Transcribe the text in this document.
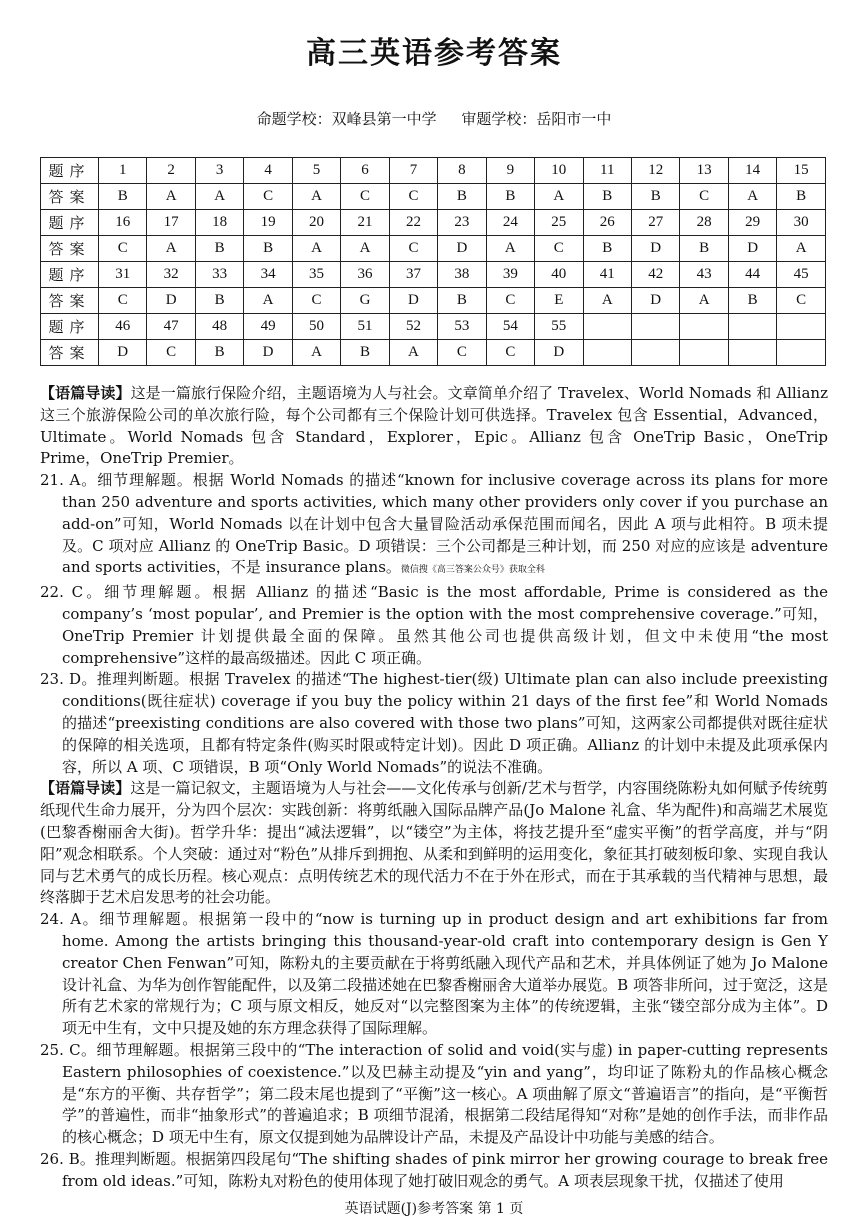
高三英语参考答案
命题学校：双峰县第一中学 审题学校：岳阳市一中
题序	1	2	3	4	5	6	7	8	9	10	11	12	13	14	15
答案	B	A	A	C	A	C	C	B	B	A	B	B	C	A	B
题序	16	17	18	19	20	21	22	23	24	25	26	27	28	29	30
答案	C	A	B	B	A	A	C	D	A	C	B	D	B	D	A
题序	31	32	33	34	35	36	37	38	39	40	41	42	43	44	45
答案	C	D	B	A	C	G	D	B	C	E	A	D	A	B	C
题序	46	47	48	49	50	51	52	53	54	55					
答案	D	C	B	D	A	B	A	C	C	D					

【语篇导读】这是一篇旅行保险介绍，主题语境为人与社会。文章简单介绍了 Travelex、World Nomads 和 Allianz 这三个旅游保险公司的单次旅行险，每个公司都有三个保险计划可供选择。Travelex 包含 Essential，Advanced，Ultimate。World Nomads 包含 Standard，Explorer，Epic。Allianz 包含 OneTrip Basic，OneTrip Prime，OneTrip Premier。

21. A。细节理解题。根据 World Nomads 的描述“known for inclusive coverage across its plans for more than 250 adventure and sports activities, which many other providers only cover if you purchase an add-on”可知，World Nomads 以在计划中包含大量冒险活动承保范围而闻名，因此 A 项与此相符。B 项未提及。C 项对应 Allianz 的 OneTrip Basic。D 项错误：三个公司都是三种计划，而 250 对应的应该是 adventure and sports activities，不是 insurance plans。微信搜《高三答案公众号》获取全科

22. C。细节理解题。根据 Allianz 的描述“Basic is the most affordable, Prime is considered as the company’s ‘most popular’, and Premier is the option with the most comprehensive coverage.”可知，OneTrip Premier 计划提供最全面的保障。虽然其他公司也提供高级计划，但文中未使用“the most comprehensive”这样的最高级描述。因此 C 项正确。

23. D。推理判断题。根据 Travelex 的描述“The highest-tier(级) Ultimate plan can also include preexisting conditions(既往症状) coverage if you buy the policy within 21 days of the first fee”和 World Nomads 的描述“preexisting conditions are also covered with those two plans”可知，这两家公司都提供对既往症状的保障的相关选项，且都有特定条件(购买时限或特定计划)。因此 D 项正确。Allianz 的计划中未提及此项承保内容，所以 A 项、C 项错误，B 项“Only World Nomads”的说法不准确。

【语篇导读】这是一篇记叙文，主题语境为人与社会——文化传承与创新/艺术与哲学，内容围绕陈粉丸如何赋予传统剪纸现代生命力展开，分为四个层次：实践创新：将剪纸融入国际品牌产品(Jo Malone 礼盒、华为配件)和高端艺术展览(巴黎香榭丽舍大街)。哲学升华：提出“减法逻辑”，以“镂空”为主体，将技艺提升至“虚实平衡”的哲学高度，并与“阴阳”观念相联系。个人突破：通过对“粉色”从排斥到拥抱、从柔和到鲜明的运用变化，象征其打破刻板印象、实现自我认同与艺术勇气的成长历程。核心观点：点明传统艺术的现代活力不在于外在形式，而在于其承载的当代精神与思想，最终落脚于艺术启发思考的社会功能。

24. A。细节理解题。根据第一段中的“now is turning up in product design and art exhibitions far from home. Among the artists bringing this thousand-year-old craft into contemporary design is Gen Y creator Chen Fenwan”可知，陈粉丸的主要贡献在于将剪纸融入现代产品和艺术，并具体例证了她为 Jo Malone 设计礼盒、为华为创作智能配件，以及第二段描述她在巴黎香榭丽舍大道举办展览。B 项答非所问，过于宽泛，这是所有艺术家的常规行为；C 项与原文相反，她反对“以完整图案为主体”的传统逻辑，主张“镂空部分成为主体”。D 项无中生有，文中只提及她的东方理念获得了国际理解。

25. C。细节理解题。根据第三段中的“The interaction of solid and void(实与虚) in paper-cutting represents Eastern philosophies of coexistence.”以及巴赫主动提及“yin and yang”，均印证了陈粉丸的作品核心概念是“东方的平衡、共存哲学”；第二段末尾也提到了“平衡”这一核心。A 项曲解了原文“普遍语言”的指向，是“平衡哲学”的普遍性，而非“抽象形式”的普遍追求；B 项细节混淆，根据第二段结尾得知“对称”是她的创作手法，而非作品的核心概念；D 项无中生有，原文仅提到她为品牌设计产品，未提及产品设计中功能与美感的结合。

26. B。推理判断题。根据第四段尾句“The shifting shades of pink mirror her growing courage to break free from old ideas.”可知，陈粉丸对粉色的使用体现了她打破旧观念的勇气。A 项表层现象干扰，仅描述了使用

英语试题(J)参考答案 第 1 页
